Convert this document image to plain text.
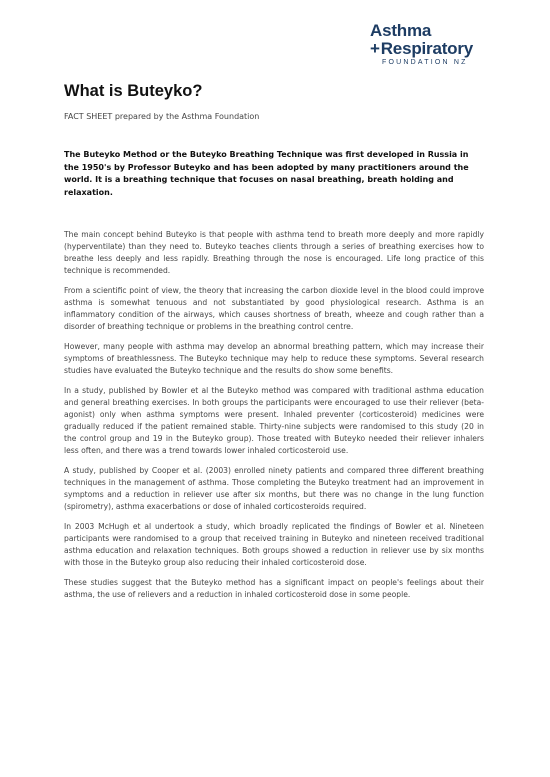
Asthma
+Respiratory
FOUNDATION NZ
What is Buteyko?
FACT SHEET prepared by the Asthma Foundation

The Buteyko Method or the Buteyko Breathing Technique was first developed in Russia in the 1950's by Professor Buteyko and has been adopted by many practitioners around the world. It is a breathing technique that focuses on nasal breathing, breath holding and relaxation.

The main concept behind Buteyko is that people with asthma tend to breath more deeply and more rapidly (hyperventilate) than they need to. Buteyko teaches clients through a series of breathing exercises how to breathe less deeply and less rapidly. Breathing through the nose is encouraged. Life long practice of this technique is recommended.

From a scientific point of view, the theory that increasing the carbon dioxide level in the blood could improve asthma is somewhat tenuous and not substantiated by good physiological research. Asthma is an inflammatory condition of the airways, which causes shortness of breath, wheeze and cough rather than a disorder of breathing technique or problems in the breathing control centre.

However, many people with asthma may develop an abnormal breathing pattern, which may increase their symptoms of breathlessness. The Buteyko technique may help to reduce these symptoms. Several research studies have evaluated the Buteyko technique and the results do show some benefits.

In a study, published by Bowler et al the Buteyko method was compared with traditional asthma education and general breathing exercises. In both groups the participants were encouraged to use their reliever (beta-agonist) only when asthma symptoms were present. Inhaled preventer (corticosteroid) medicines were gradually reduced if the patient remained stable. Thirty-nine subjects were randomised to this study (20 in the control group and 19 in the Buteyko group). Those treated with Buteyko needed their reliever inhalers less often, and there was a trend towards lower inhaled corticosteroid use.

A study, published by Cooper et al. (2003) enrolled ninety patients and compared three different breathing techniques in the management of asthma. Those completing the Buteyko treatment had an improvement in symptoms and a reduction in reliever use after six months, but there was no change in the lung function (spirometry), asthma exacerbations or dose of inhaled corticosteroids required.

In 2003 McHugh et al undertook a study, which broadly replicated the findings of Bowler et al. Nineteen participants were randomised to a group that received training in Buteyko and nineteen received traditional asthma education and relaxation techniques. Both groups showed a reduction in reliever use by six months with those in the Buteyko group also reducing their inhaled corticosteroid dose.

These studies suggest that the Buteyko method has a significant impact on people's feelings about their asthma, the use of relievers and a reduction in inhaled corticosteroid dose in some people.
